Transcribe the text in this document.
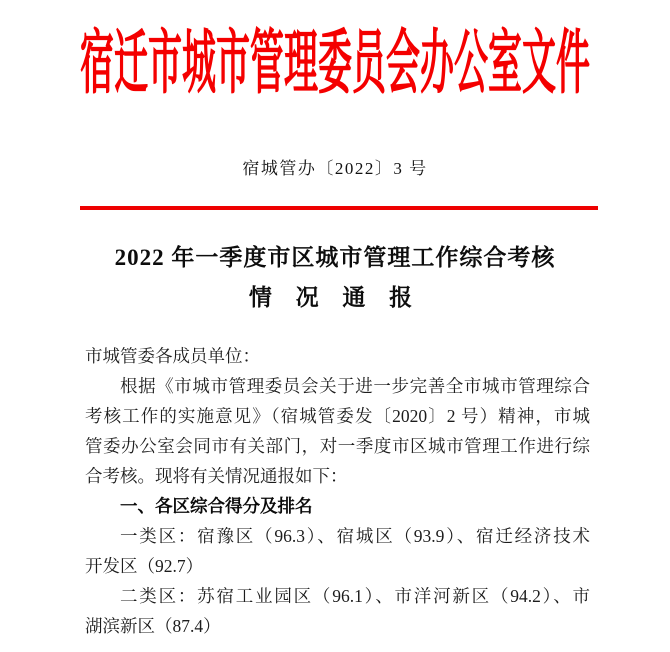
宿迁市城市管理委员会办公室文件
宿城管办〔2022〕3 号
2022 年一季度市区城市管理工作综合考核
情 况 通 报
市城管委各成员单位：
根据《市城市管理委员会关于进一步完善全市城市管理综合
考核工作的实施意见》（宿城管委发〔2020〕2 号）精神，市城
管委办公室会同市有关部门，对一季度市区城市管理工作进行综
合考核。现将有关情况通报如下：
一、各区综合得分及排名
一类区：宿豫区（96.3）、宿城区（93.9）、宿迁经济技术
开发区（92.7）
二类区：苏宿工业园区（96.1）、市洋河新区（94.2）、市
湖滨新区（87.4）
